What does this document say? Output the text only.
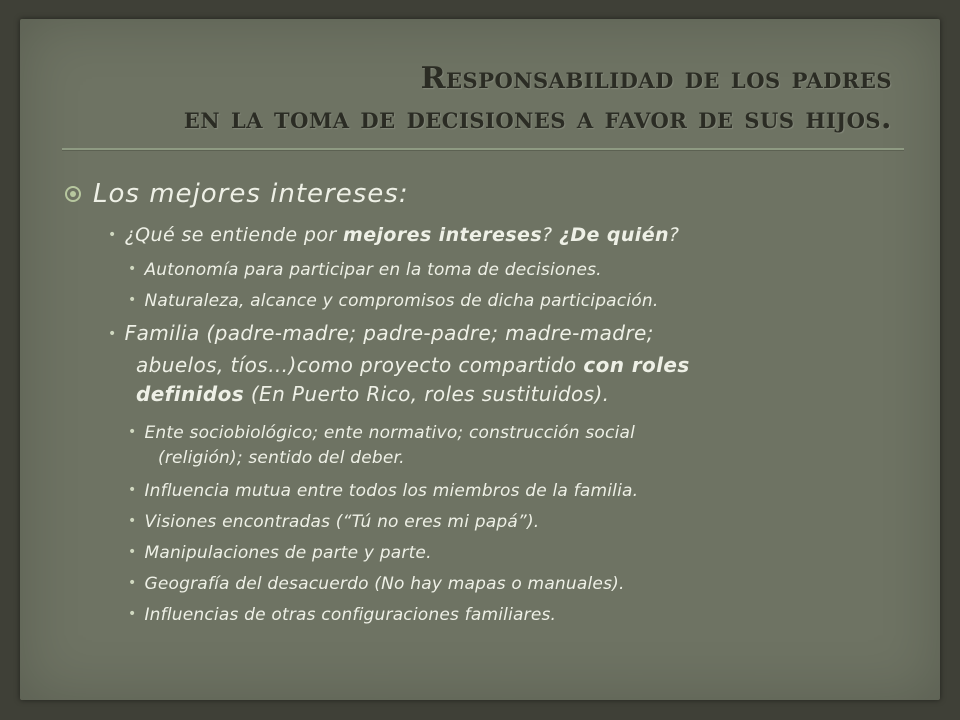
Responsabilidad de los padres
en la toma de decisiones a favor de sus hijos.
Los mejores intereses:
• ¿Qué se entiende por mejores intereses? ¿De quién?
• Autonomía para participar en la toma de decisiones.
• Naturaleza, alcance y compromisos de dicha participación.
• Familia (padre-madre; padre-padre; madre-madre;
abuelos, tíos…)como proyecto compartido con roles
definidos (En Puerto Rico, roles sustituidos).
• Ente sociobiológico; ente normativo; construcción social
(religión); sentido del deber.
• Influencia mutua entre todos los miembros de la familia.
• Visiones encontradas (“Tú no eres mi papá”).
• Manipulaciones de parte y parte.
• Geografía del desacuerdo (No hay mapas o manuales).
• Influencias de otras configuraciones familiares.
